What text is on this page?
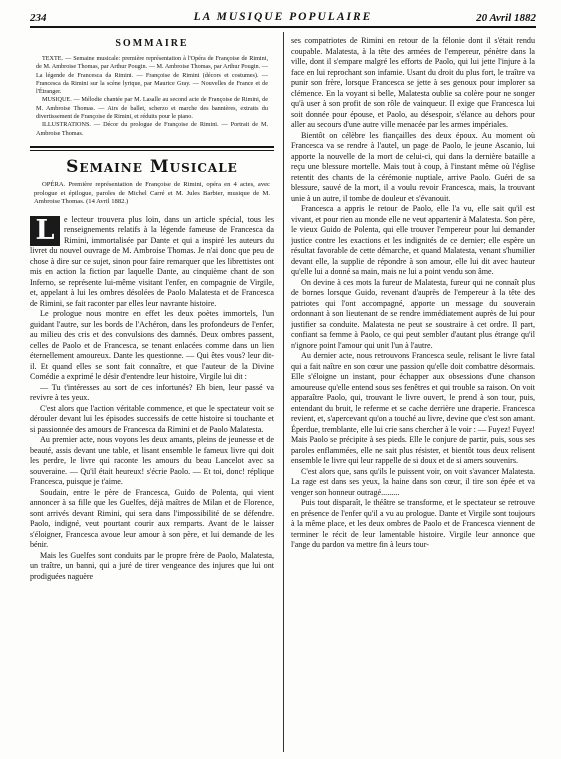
234	LA MUSIQUE POPULAIRE	20 Avril 1882
SOMMAIRE

TEXTE. — Semaine musicale: première représentation à l'Opéra de Françoise de Rimini, de M. Ambroise Thomas, par Arthur Pougin. — M. Ambroise Thomas, par Arthur Pougin. — La légende de Francesca da Rimini. — Françoise de Rimini (décors et costumes). — Francesca da Rimini sur la scène lyrique, par Maurice Gray. — Nouvelles de France et de l'Étranger.

MUSIQUE. — Mélodie chantée par M. Lasalle au second acte de Françoise de Rimini, de M. Ambroise Thomas. — Airs de ballet, scherzo et marche des bannières, extraits du divertissement de Françoise de Rimini, et réduits pour le piano.

ILLUSTRATIONS. — Décor du prologue de Françoise de Rimini. — Portrait de M. Ambroise Thomas.

Semaine Musicale

OPÉRA. Première représentation de Françoise de Rimini, opéra en 4 actes, avec prologue et épilogue, paroles de Michel Carré et M. Jules Barbier, musique de M. Ambroise Thomas. (14 Avril 1882.)

L	e lecteur trouvera plus loin, dans un article spécial, tous les renseignements relatifs à la légende fameuse de Francesca da Rimini, immortalisée par Dante et qui a inspiré les auteurs du livret du nouvel ouvrage de M. Ambroise Thomas. Je n'ai donc que peu de chose à dire sur ce sujet, sinon pour faire remarquer que les librettistes ont mis en action la fiction par laquelle Dante, au cinquième chant de son Inferno, se représente lui-même visitant l'enfer, en compagnie de Virgile, et, appelant à lui les ombres désolées de Paolo Malatesta et de Francesca de Rimini, se fait raconter par elles leur navrante histoire.

Le prologue nous montre en effet les deux poètes immortels, l'un guidant l'autre, sur les bords de l'Achéron, dans les profondeurs de l'enfer, au milieu des cris et des convulsions des damnés. Deux ombres passent, celles de Paolo et de Francesca, se tenant enlacées comme dans un lien éternellement amoureux. Dante les questionne. — Qui êtes vous? leur dit-il. Et quand elles se sont fait connaître, et que l'auteur de la Divine Comédie a exprimé le désir d'entendre leur histoire, Virgile lui dit :

— Tu t'intéresses au sort de ces infortunés? Eh bien, leur passé va revivre à tes yeux.

C'est alors que l'action véritable commence, et que le spectateur voit se dérouler devant lui les épisodes successifs de cette histoire si touchante et si passionnée des amours de Francesca da Rimini et de Paolo Malatesta.

Au premier acte, nous voyons les deux amants, pleins de jeunesse et de beauté, assis devant une table, et lisant ensemble le fameux livre qui doit les perdre, le livre qui raconte les amours du beau Lancelot avec sa souveraine. — Qu'il était heureux! s'écrie Paolo. — Et toi, donc! réplique Francesca, puisque je t'aime.

Soudain, entre le père de Francesca, Guido de Polenta, qui vient annoncer à sa fille que les Guelfes, déjà maîtres de Milan et de Florence, sont arrivés devant Rimini, qui sera dans l'impossibilité de se défendre. Paolo, indigné, veut pourtant courir aux remparts. Avant de le laisser s'éloigner, Francesca avoue leur amour à son père, et lui demande de les bénir.

Mais les Guelfes sont conduits par le propre frère de Paolo, Malatesta, un traître, un banni, qui a juré de tirer vengeance des injures que lui ont prodiguées naguère

ses compatriotes de Rimini en retour de la félonie dont il s'était rendu coupable. Malatesta, à la tête des armées de l'empereur, pénètre dans la ville, dont il s'empare malgré les efforts de Paolo, qui lui jette l'injure à la face en lui reprochant son infamie. Usant du droit du plus fort, le traître va punir son frère, lorsque Francesca se jette à ses genoux pour implorer sa clémence. En la voyant si belle, Malatesta oublie sa colère pour ne songer qu'à user à son profit de son rôle de vainqueur. Il exige que Francesca lui soit donnée pour épouse, et Paolo, au désespoir, s'élance au dehors pour aller au secours d'une autre ville menacée par les armes impériales.

Bientôt on célèbre les fiançailles des deux époux. Au moment où Francesca va se rendre à l'autel, un page de Paolo, le jeune Ascanio, lui apporte la nouvelle de la mort de celui-ci, qui dans la dernière bataille a reçu une blessure mortelle. Mais tout à coup, à l'instant même où l'église retentit des chants de la cérémonie nuptiale, arrive Paolo. Guéri de sa blessure, sauvé de la mort, il a voulu revoir Francesca, mais, la trouvant unie à un autre, il tombe de douleur et s'évanouit.

Francesca a appris le retour de Paolo, elle l'a vu, elle sait qu'il est vivant, et pour rien au monde elle ne veut appartenir à Malatesta. Son père, le vieux Guido de Polenta, qui elle trouver l'empereur pour lui demander justice contre les exactions et les indignités de ce dernier; elle espère un résultat favorable de cette démarche, et quand Malatesta, venant s'humilier devant elle, la supplie de répondre à son amour, elle lui dit avec hauteur qu'elle lui a donné sa main, mais ne lui a point vendu son âme.

On devine à ces mots la fureur de Malatesta, fureur qui ne connaît plus de bornes lorsque Guido, revenant d'auprès de l'empereur à la tête des patriotes qui l'ont accompagné, apporte un message du souverain ordonnant à son lieutenant de se rendre immédiatement auprès de lui pour justifier sa conduite. Malatesta ne peut se soustraire à cet ordre. Il part, confiant sa femme à Paolo, ce qui peut sembler d'autant plus étrange qu'il n'ignore point l'amour qui unit l'un à l'autre.

Au dernier acte, nous retrouvons Francesca seule, relisant le livre fatal qui a fait naître en son cœur une passion qu'elle doit combattre désormais. Elle s'éloigne un instant, pour échapper aux obsessions d'une chanson amoureuse qu'elle entend sous ses fenêtres et qui trouble sa raison. On voit apparaître Paolo, qui, trouvant le livre ouvert, le prend à son tour, puis, entendant du bruit, le referme et se cache derrière une draperie. Francesca revient, et, s'apercevant qu'on a touché au livre, devine que c'est son amant. Éperdue, tremblante, elle lui crie sans chercher à le voir : — Fuyez! Fuyez! Mais Paolo se précipite à ses pieds. Elle le conjure de partir, puis, sous ses paroles enflammées, elle ne sait plus résister, et bientôt tous deux relisent ensemble le livre qui leur rappelle de si doux et de si amers souvenirs.

C'est alors que, sans qu'ils le puissent voir, on voit s'avancer Malatesta. La rage est dans ses yeux, la haine dans son cœur, il tire son épée et va venger son honneur outragé.........

Puis tout disparaît, le théâtre se transforme, et le spectateur se retrouve en présence de l'enfer qu'il a vu au prologue. Dante et Virgile sont toujours à la même place, et les deux ombres de Paolo et de Francesca viennent de terminer le récit de leur lamentable histoire. Virgile leur annonce que l'ange du pardon va mettre fin à leurs tour-
